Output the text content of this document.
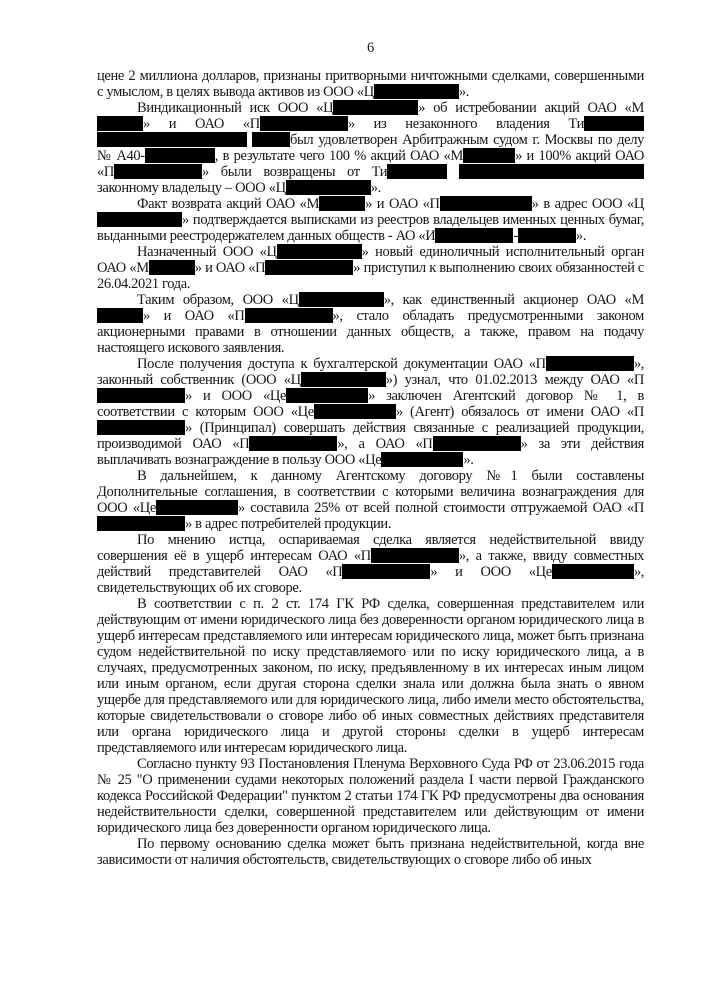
6

цене 2 миллиона долларов, признаны притворными ничтожными сделками, совершенными с умыслом, в целях вывода активов из ООО «Ц	».

Виндикационный иск ООО «Ц	» об истребовании акций ОАО «М» и ОАО «П	» из незаконного владения Ти  был удовлетворен Арбитражным судом г. Москвы по делу № А40-	, в результате чего 100 % акций ОАО «М	» и 100% акций ОАО «П	» были возвращены от Ти  законному владельцу – ООО «Ц	».

Факт возврата акций ОАО «М	» и ОАО «П	» в адрес ООО «Ц» подтверждается выписками из реестров владельцев именных ценных бумаг, выданными реестродержателем данных обществ - АО «И	-	».

Назначенный ООО «Ц	» новый единоличный исполнительный орган ОАО «М	» и ОАО «П	» приступил к выполнению своих обязанностей с 26.04.2021 года.

Таким образом, ООО «Ц	», как единственный акционер ОАО «М» и ОАО «П	», стало обладать предусмотренными законом акционерными правами в отношении данных обществ, а также, правом на подачу настоящего искового заявления.

После получения доступа к бухгалтерской документации ОАО «П	», законный собственник (ООО «Ц	») узнал, что 01.02.2013 между ОАО «П» и ООО «Це	» заключен Агентский договор № 1, в соответствии с которым ООО «Це	» (Агент) обязалось от имени ОАО «П» (Принципал) совершать действия связанные с реализацией продукции, производимой ОАО «П	», а ОАО «П	» за эти действия выплачивать вознаграждение в пользу ООО «Це	».

В дальнейшем, к данному Агентскому договору №1 были составлены Дополнительные соглашения, в соответствии с которыми величина вознаграждения для ООО «Це	» составила 25% от всей полной стоимости отгружаемой ОАО «П» в адрес потребителей продукции.

По мнению истца, оспариваемая сделка является недействительной ввиду совершения её в ущерб интересам ОАО «П	», а также, ввиду совместных действий представителей ОАО «П	» и ООО «Це	», свидетельствующих об их сговоре.

В соответствии с п. 2 ст. 174 ГК РФ сделка, совершенная представителем или действующим от имени юридического лица без доверенности органом юридического лица в ущерб интересам представляемого или интересам юридического лица, может быть признана судом недействительной по иску представляемого или по иску юридического лица, а в случаях, предусмотренных законом, по иску, предъявленному в их интересах иным лицом или иным органом, если другая сторона сделки знала или должна была знать о явном ущербе для представляемого или для юридического лица, либо имели место обстоятельства, которые свидетельствовали о сговоре либо об иных совместных действиях представителя или органа юридического лица и другой стороны сделки в ущерб интересам представляемого или интересам юридического лица.

Согласно пункту 93 Постановления Пленума Верховного Суда РФ от 23.06.2015 года № 25 "О применении судами некоторых положений раздела I части первой Гражданского кодекса Российской Федерации" пунктом 2 статьи 174 ГК РФ предусмотрены два основания недействительности сделки, совершенной представителем или действующим от имени юридического лица без доверенности органом юридического лица.

По первому основанию сделка может быть признана недействительной, когда вне зависимости от наличия обстоятельств, свидетельствующих о сговоре либо об иных
